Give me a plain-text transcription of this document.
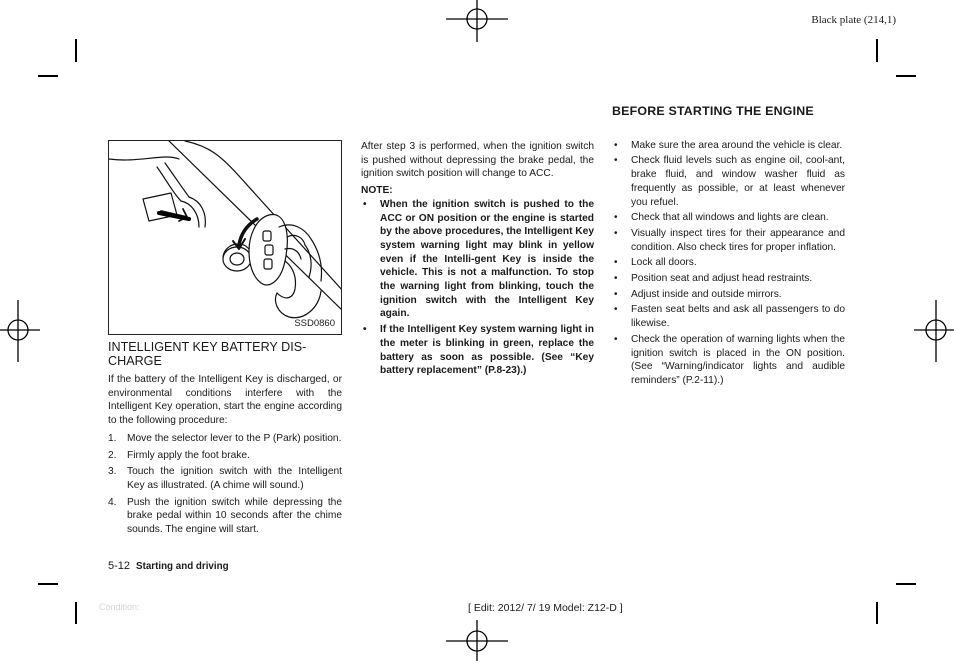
Black plate (214,1)
SSD0860
INTELLIGENT KEY BATTERY DIS-CHARGE

If the battery of the Intelligent Key is discharged, or environmental conditions interfere with the Intelligent Key operation, start the engine according to the following procedure:

1. Move the selector lever to the P (Park) position.
2. Firmly apply the foot brake.
3. Touch the ignition switch with the Intelligent Key as illustrated. (A chime will sound.)
4. Push the ignition switch while depressing the brake pedal within 10 seconds after the chime sounds. The engine will start.

After step 3 is performed, when the ignition switch is pushed without depressing the brake pedal, the ignition switch position will change to ACC.

NOTE:
• When the ignition switch is pushed to the ACC or ON position or the engine is started by the above procedures, the Intelligent Key system warning light may blink in yellow even if the Intelli-gent Key is inside the vehicle. This is not a malfunction. To stop the warning light from blinking, touch the ignition switch with the Intelligent Key again.
• If the Intelligent Key system warning light in the meter is blinking in green, replace the battery as soon as possible. (See “Key battery replacement” (P.8-23).)
BEFORE STARTING THE ENGINE
• Make sure the area around the vehicle is clear.
• Check fluid levels such as engine oil, cool-ant, brake fluid, and window washer fluid as frequently as possible, or at least whenever you refuel.
• Check that all windows and lights are clean.
• Visually inspect tires for their appearance and condition. Also check tires for proper inflation.
• Lock all doors.
• Position seat and adjust head restraints.
• Adjust inside and outside mirrors.
• Fasten seat belts and ask all passengers to do likewise.
• Check the operation of warning lights when the ignition switch is placed in the ON position. (See “Warning/indicator lights and audible reminders” (P.2-11).)
5-12 Starting and driving
Condition:	[ Edit: 2012/ 7/ 19 Model: Z12-D ]
